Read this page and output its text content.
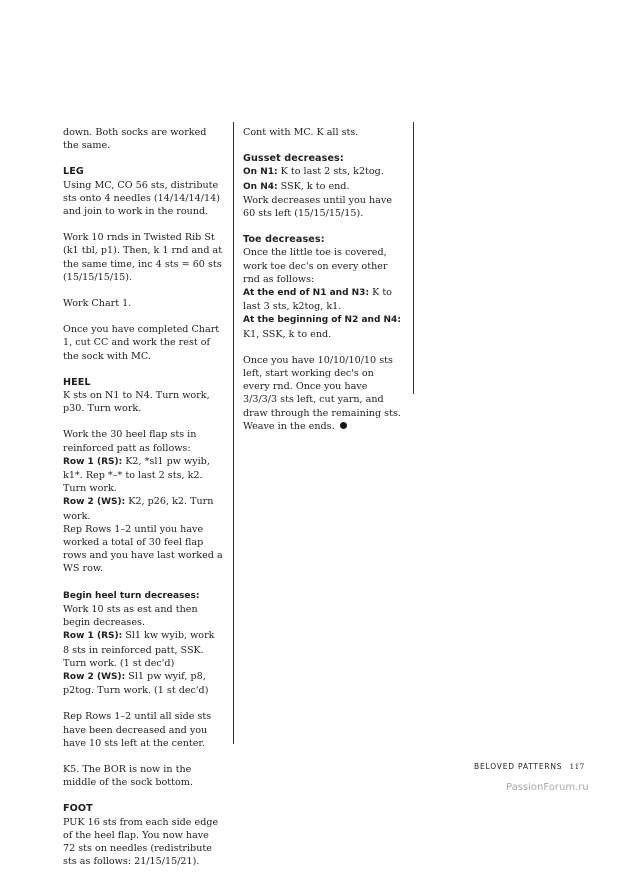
down. Both socks are worked the same.

LEG

Using MC, CO 56 sts, distribute sts onto 4 needles (14/14/14/14) and join to work in the round.

Work 10 rnds in Twisted Rib St (k1 tbl, p1). Then, k 1 rnd and at the same time, inc 4 sts = 60 sts (15/15/15/15).

Work Chart 1.

Once you have completed Chart 1, cut CC and work the rest of the sock with MC.

HEEL

K sts on N1 to N4. Turn work, p30. Turn work.

Work the 30 heel flap sts in reinforced patt as follows:
Row 1 (RS): K2, *sl1 pw wyib, k1*. Rep *–* to last 2 sts, k2.
Turn work.
Row 2 (WS): K2, p26, k2. Turn work.
Rep Rows 1–2 until you have worked a total of 30 feel flap rows and you have last worked a WS row.
Begin heel turn decreases: Work 10 sts as est and then begin decreases.
Row 1 (RS): Sl1 kw wyib, work 8 sts in reinforced patt, SSK. Turn work. (1 st dec'd)
Row 2 (WS): Sl1 pw wyif, p8, p2tog. Turn work. (1 st dec'd)

Rep Rows 1–2 until all side sts have been decreased and you have 10 sts left at the center.

K5. The BOR is now in the middle of the sock bottom.

FOOT

PUK 16 sts from each side edge of the heel flap. You now have 72 sts on needles (redistribute sts as follows: 21/15/15/21).

Cont with MC. K all sts.

Gusset decreases:
On N1: K to last 2 sts, k2tog.
On N4: SSK, k to end.
Work decreases until you have 60 sts left (15/15/15/15).
Toe decreases:
Once the little toe is covered, work toe dec's on every other rnd as follows:
At the end of N1 and N3: K to last 3 sts, k2tog, k1.
At the beginning of N2 and N4: K1, SSK, k to end.

Once you have 10/10/10/10 sts left, start working dec's on every rnd. Once you have 3/3/3/3 sts left, cut yarn, and draw through the remaining sts. Weave in the ends.

BELOVED PATTERNS 117
PassionForum.ru
